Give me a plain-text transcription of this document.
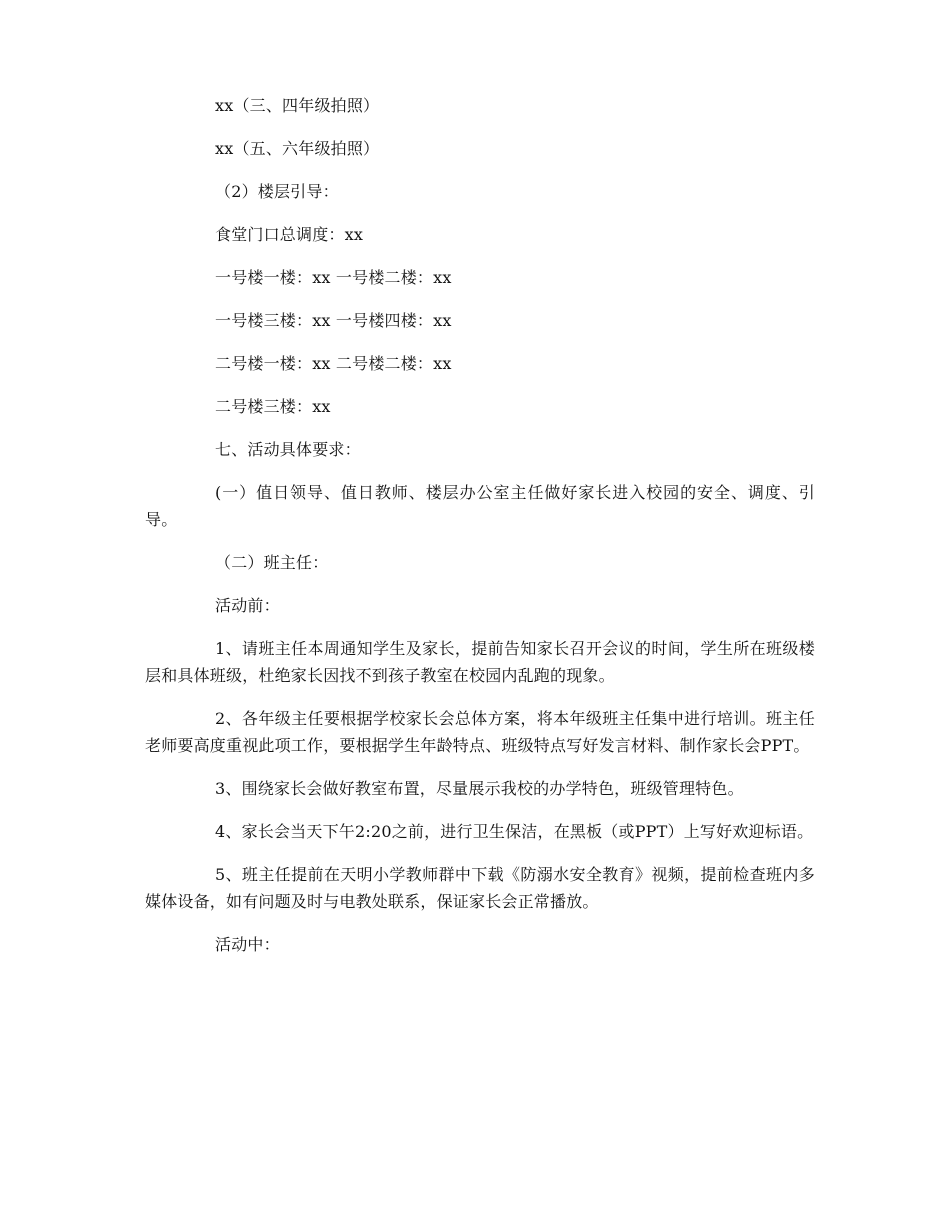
xx（三、四年级拍照）

xx（五、六年级拍照）

（2）楼层引导：

食堂门口总调度：xx

一号楼一楼：xx 一号楼二楼：xx

一号楼三楼：xx 一号楼四楼：xx

二号楼一楼：xx 二号楼二楼：xx

二号楼三楼：xx

七、活动具体要求：

(一）值日领导、值日教师、楼层办公室主任做好家长进入校园的安全、调度、引导。

（二）班主任：

活动前：

1、请班主任本周通知学生及家长，提前告知家长召开会议的时间，学生所在班级楼层和具体班级，杜绝家长因找不到孩子教室在校园内乱跑的现象。

2、各年级主任要根据学校家长会总体方案，将本年级班主任集中进行培训。班主任老师要高度重视此项工作，要根据学生年龄特点、班级特点写好发言材料、制作家长会PPT。

3、围绕家长会做好教室布置，尽量展示我校的办学特色，班级管理特色。

4、家长会当天下午2:20之前，进行卫生保洁，在黑板（或PPT）上写好欢迎标语。

5、班主任提前在天明小学教师群中下载《防溺水安全教育》视频，提前检查班内多媒体设备，如有问题及时与电教处联系，保证家长会正常播放。

活动中：
